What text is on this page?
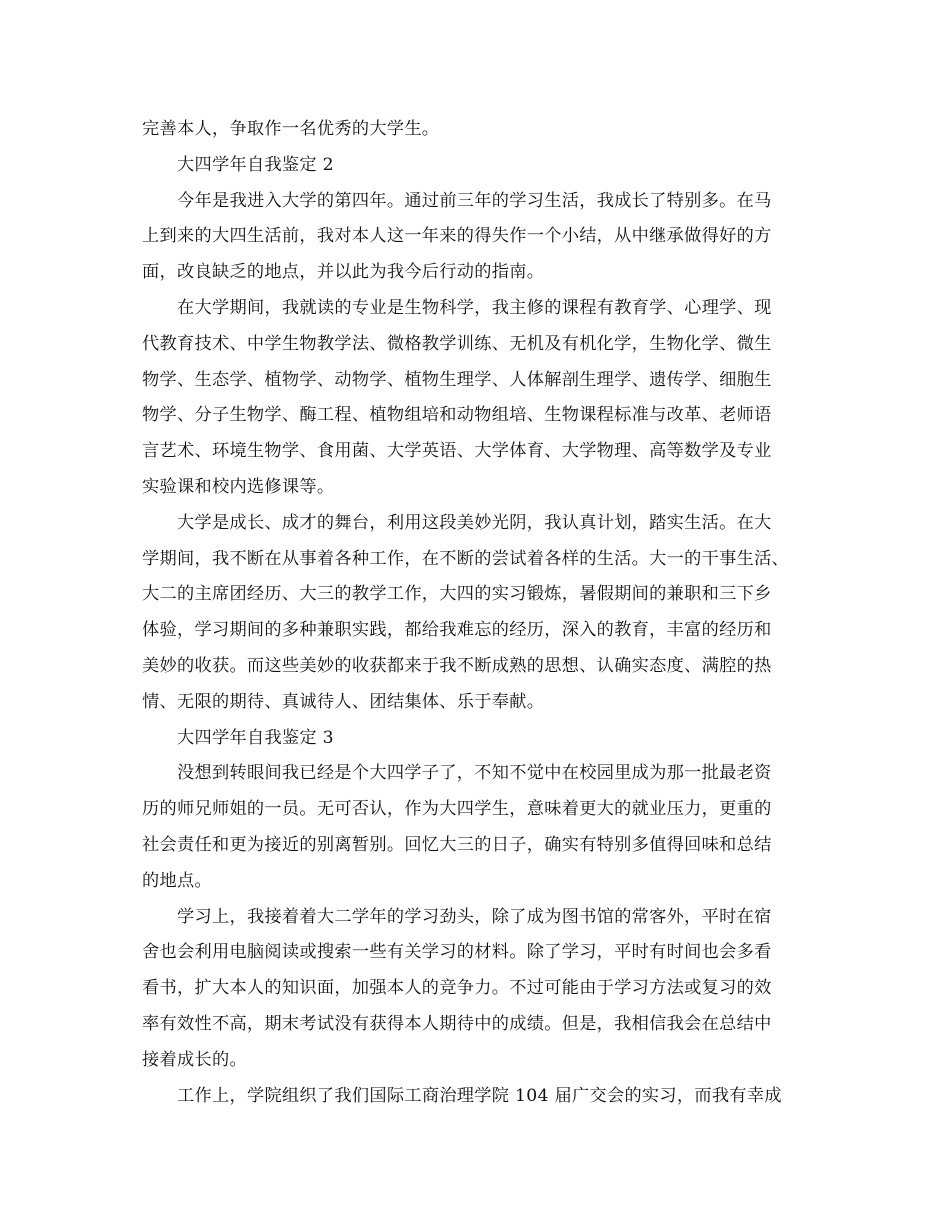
完善本人，争取作一名优秀的大学生。
大四学年自我鉴定 2
今年是我进入大学的第四年。通过前三年的学习生活，我成长了特别多。在马
上到来的大四生活前，我对本人这一年来的得失作一个小结，从中继承做得好的方
面，改良缺乏的地点，并以此为我今后行动的指南。
在大学期间，我就读的专业是生物科学，我主修的课程有教育学、心理学、现
代教育技术、中学生物教学法、微格教学训练、无机及有机化学，生物化学、微生
物学、生态学、植物学、动物学、植物生理学、人体解剖生理学、遗传学、细胞生
物学、分子生物学、酶工程、植物组培和动物组培、生物课程标准与改革、老师语
言艺术、环境生物学、食用菌、大学英语、大学体育、大学物理、高等数学及专业
实验课和校内选修课等。
大学是成长、成才的舞台，利用这段美妙光阴，我认真计划，踏实生活。在大
学期间，我不断在从事着各种工作，在不断的尝试着各样的生活。大一的干事生活、
大二的主席团经历、大三的教学工作，大四的实习锻炼，暑假期间的兼职和三下乡
体验，学习期间的多种兼职实践，都给我难忘的经历，深入的教育，丰富的经历和
美妙的收获。而这些美妙的收获都来于我不断成熟的思想、认确实态度、满腔的热
情、无限的期待、真诚待人、团结集体、乐于奉献。
大四学年自我鉴定 3
没想到转眼间我已经是个大四学子了，不知不觉中在校园里成为那一批最老资
历的师兄师姐的一员。无可否认，作为大四学生，意味着更大的就业压力，更重的
社会责任和更为接近的别离暂别。回忆大三的日子，确实有特别多值得回味和总结
的地点。
学习上，我接着着大二学年的学习劲头，除了成为图书馆的常客外，平时在宿
舍也会利用电脑阅读或搜索一些有关学习的材料。除了学习，平时有时间也会多看
看书，扩大本人的知识面，加强本人的竞争力。不过可能由于学习方法或复习的效
率有效性不高，期末考试没有获得本人期待中的成绩。但是，我相信我会在总结中
接着成长的。
工作上，学院组织了我们国际工商治理学院 104 届广交会的实习，而我有幸成
